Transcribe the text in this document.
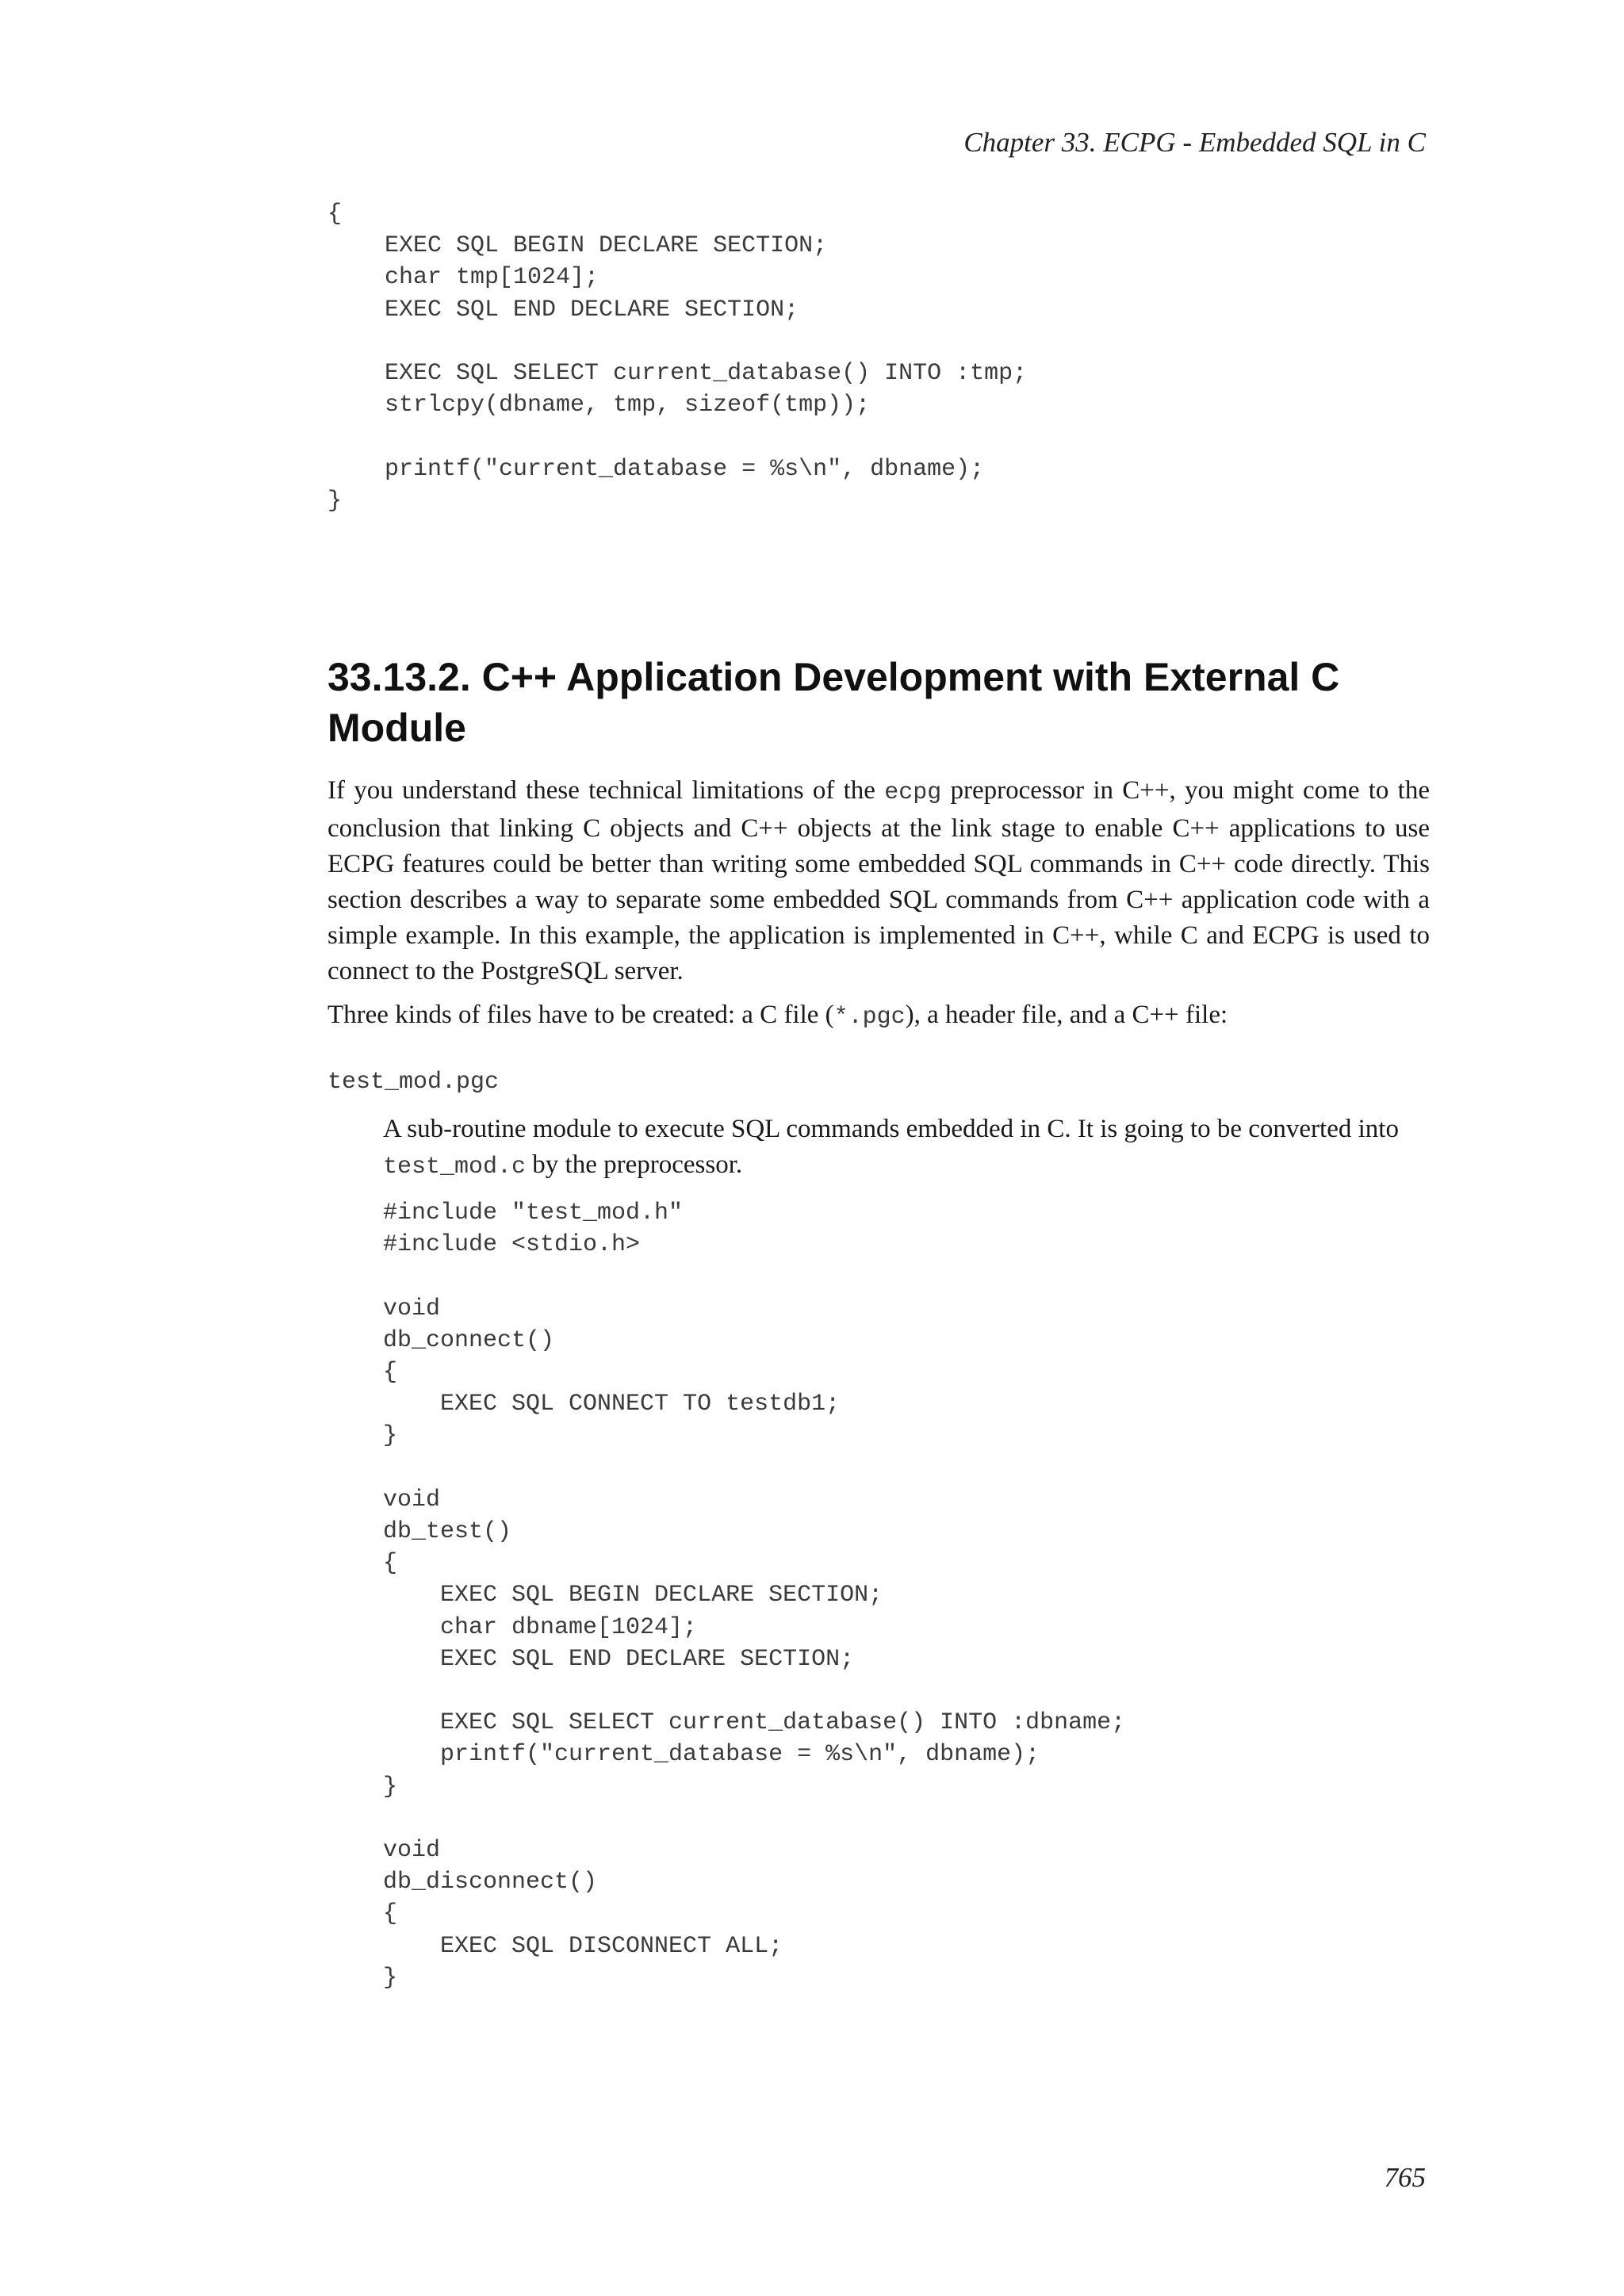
Chapter 33. ECPG - Embedded SQL in C
{
EXEC SQL BEGIN DECLARE SECTION;
char tmp[1024];
EXEC SQL END DECLARE SECTION;

EXEC SQL SELECT current_database() INTO :tmp;
strlcpy(dbname, tmp, sizeof(tmp));

printf("current_database = %s\n", dbname);
}
33.13.2. C++ Application Development with External C Module

If you understand these technical limitations of the ecpg preprocessor in C++, you might come to the conclusion that linking C objects and C++ objects at the link stage to enable C++ applications to use ECPG features could be better than writing some embedded SQL commands in C++ code directly. This section describes a way to separate some embedded SQL commands from C++ application code with a simple example. In this example, the application is implemented in C++, while C and ECPG is used to connect to the PostgreSQL server.

Three kinds of files have to be created: a C file (*.pgc), a header file, and a C++ file:

test_mod.pgc

A sub-routine module to execute SQL commands embedded in C. It is going to be converted into test_mod.c by the preprocessor.

#include "test_mod.h"
#include <stdio.h>

void
db_connect()
{
EXEC SQL CONNECT TO testdb1;
}

void
db_test()
{
EXEC SQL BEGIN DECLARE SECTION;
char dbname[1024];
EXEC SQL END DECLARE SECTION;

EXEC SQL SELECT current_database() INTO :dbname;
printf("current_database = %s\n", dbname);
}

void
db_disconnect()
{
EXEC SQL DISCONNECT ALL;
}
765
